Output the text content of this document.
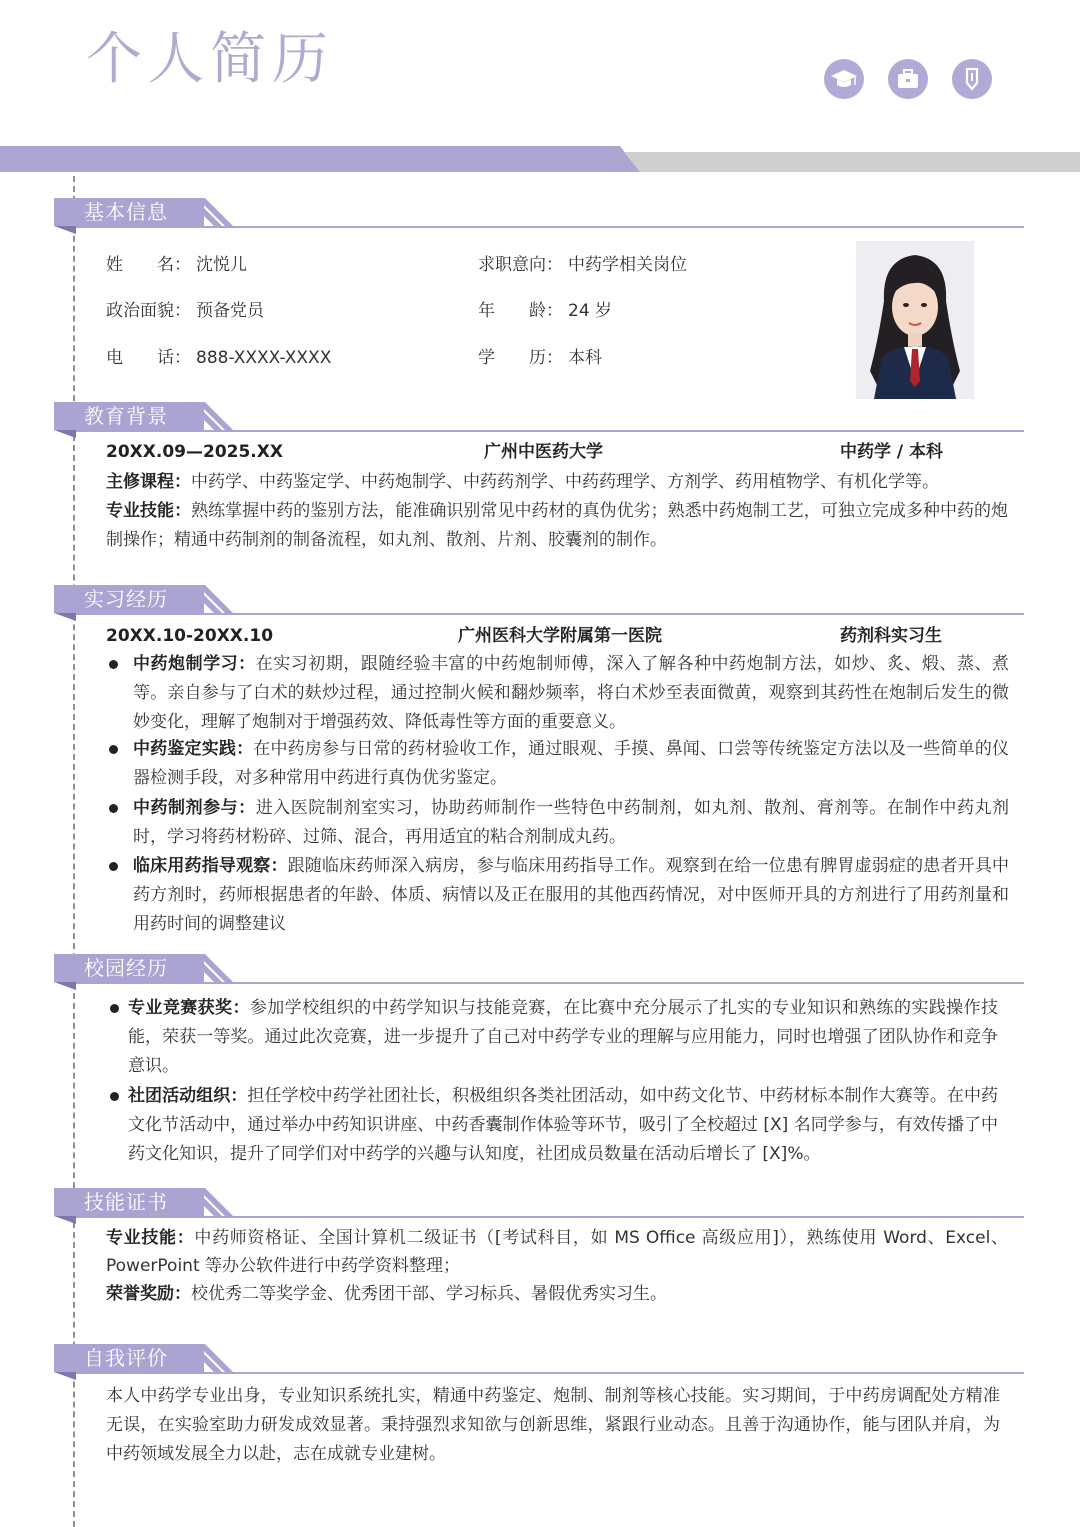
个人简历
基本信息
姓　　名： 沈悦儿	求职意向： 中药学相关岗位
政治面貌： 预备党员	年　　龄： 24 岁
电　　话： 888-XXXX-XXXX	学　　历： 本科
教育背景
20XX.09—2025.XX	广州中医药大学	中药学 / 本科
主修课程：中药学、中药鉴定学、中药炮制学、中药药剂学、中药药理学、方剂学、药用植物学、有机化学等。
专业技能：熟练掌握中药的鉴别方法，能准确识别常见中药材的真伪优劣；熟悉中药炮制工艺，可独立完成多种中药的炮制操作；精通中药制剂的制备流程，如丸剂、散剂、片剂、胶囊剂的制作。
实习经历
20XX.10-20XX.10	广州医科大学附属第一医院	药剂科实习生
中药炮制学习：在实习初期，跟随经验丰富的中药炮制师傅，深入了解各种中药炮制方法，如炒、炙、煅、蒸、煮等。亲自参与了白术的麸炒过程，通过控制火候和翻炒频率，将白术炒至表面微黄，观察到其药性在炮制后发生的微妙变化，理解了炮制对于增强药效、降低毒性等方面的重要意义。
中药鉴定实践：在中药房参与日常的药材验收工作，通过眼观、手摸、鼻闻、口尝等传统鉴定方法以及一些简单的仪器检测手段，对多种常用中药进行真伪优劣鉴定。
中药制剂参与：进入医院制剂室实习，协助药师制作一些特色中药制剂，如丸剂、散剂、膏剂等。在制作中药丸剂时，学习将药材粉碎、过筛、混合，再用适宜的粘合剂制成丸药。
临床用药指导观察：跟随临床药师深入病房，参与临床用药指导工作。观察到在给一位患有脾胃虚弱症的患者开具中药方剂时，药师根据患者的年龄、体质、病情以及正在服用的其他西药情况，对中医师开具的方剂进行了用药剂量和用药时间的调整建议
校园经历
专业竞赛获奖：参加学校组织的中药学知识与技能竞赛，在比赛中充分展示了扎实的专业知识和熟练的实践操作技能，荣获一等奖。通过此次竞赛，进一步提升了自己对中药学专业的理解与应用能力，同时也增强了团队协作和竞争意识。
社团活动组织：担任学校中药学社团社长，积极组织各类社团活动，如中药文化节、中药材标本制作大赛等。在中药文化节活动中，通过举办中药知识讲座、中药香囊制作体验等环节，吸引了全校超过 [X] 名同学参与，有效传播了中药文化知识，提升了同学们对中药学的兴趣与认知度，社团成员数量在活动后增长了 [X]%。
技能证书
专业技能：中药师资格证、全国计算机二级证书（[考试科目，如 MS Office 高级应用]），熟练使用 Word、Excel、PowerPoint 等办公软件进行中药学资料整理；
荣誉奖励：校优秀二等奖学金、优秀团干部、学习标兵、暑假优秀实习生。
自我评价
本人中药学专业出身，专业知识系统扎实，精通中药鉴定、炮制、制剂等核心技能。实习期间，于中药房调配处方精准无误，在实验室助力研发成效显著。秉持强烈求知欲与创新思维，紧跟行业动态。且善于沟通协作，能与团队并肩，为中药领域发展全力以赴，志在成就专业建树。
